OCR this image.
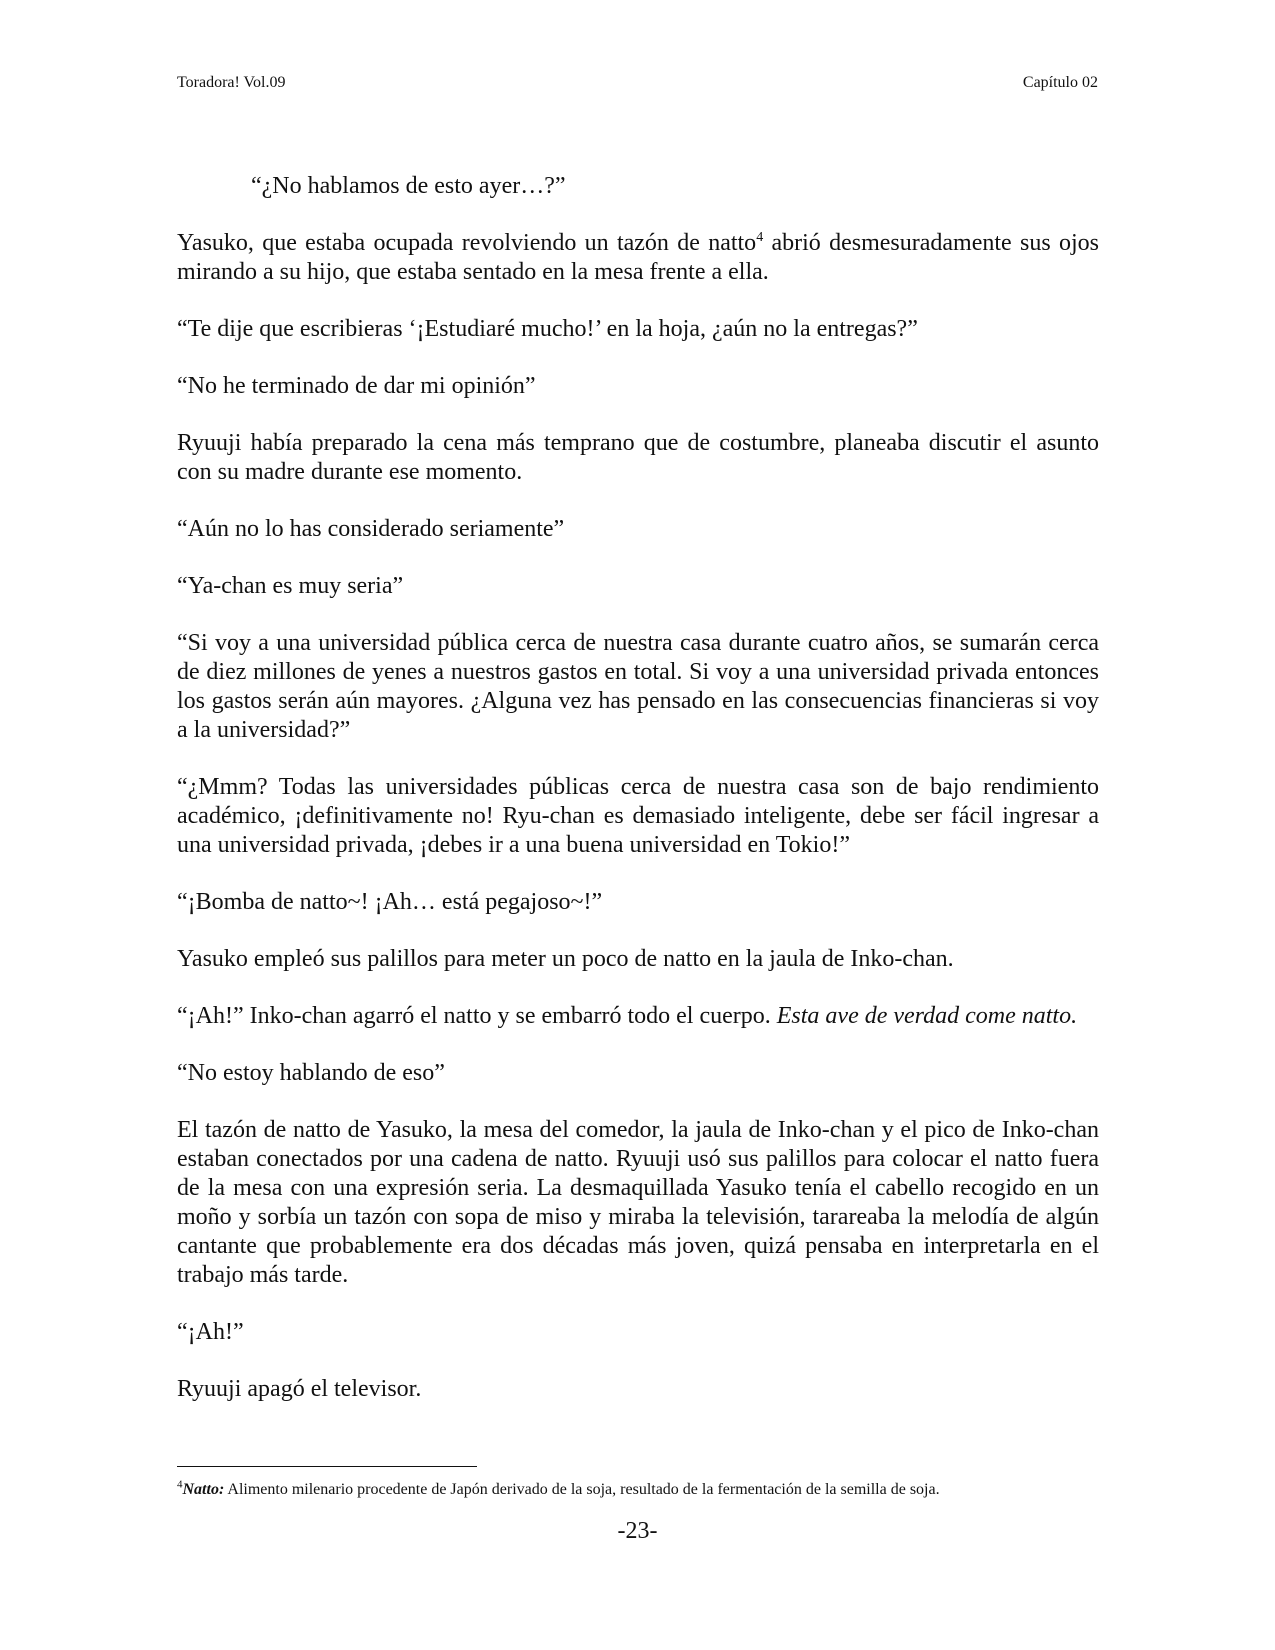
Toradora! Vol.09	Capítulo 02

“¿No hablamos de esto ayer…?”

Yasuko, que estaba ocupada revolviendo un tazón de natto$^4$ abrió desmesuradamente sus ojos mirando a su hijo, que estaba sentado en la mesa frente a ella.

“Te dije que escribieras ‘¡Estudiaré mucho!’ en la hoja, ¿aún no la entregas?”

“No he terminado de dar mi opinión”

Ryuuji había preparado la cena más temprano que de costumbre, planeaba discutir el asunto con su madre durante ese momento.

“Aún no lo has considerado seriamente”

“Ya-chan es muy seria”

“Si voy a una universidad pública cerca de nuestra casa durante cuatro años, se sumarán cerca de diez millones de yenes a nuestros gastos en total. Si voy a una universidad privada entonces los gastos serán aún mayores. ¿Alguna vez has pensado en las consecuencias financieras si voy a la universidad?”

“¿Mmm? Todas las universidades públicas cerca de nuestra casa son de bajo rendimiento académico, ¡definitivamente no! Ryu-chan es demasiado inteligente, debe ser fácil ingresar a una universidad privada, ¡debes ir a una buena universidad en Tokio!”

“¡Bomba de natto~! ¡Ah… está pegajoso~!”

Yasuko empleó sus palillos para meter un poco de natto en la jaula de Inko-chan.

“¡Ah!” Inko-chan agarró el natto y se embarró todo el cuerpo. Esta ave de verdad come natto.

“No estoy hablando de eso”

El tazón de natto de Yasuko, la mesa del comedor, la jaula de Inko-chan y el pico de Inko-chan estaban conectados por una cadena de natto. Ryuuji usó sus palillos para colocar el natto fuera de la mesa con una expresión seria. La desmaquillada Yasuko tenía el cabello recogido en un moño y sorbía un tazón con sopa de miso y miraba la televisión, tarareaba la melodía de algún cantante que probablemente era dos décadas más joven, quizá pensaba en interpretarla en el trabajo más tarde.

“¡Ah!”

Ryuuji apagó el televisor.

$^4$Natto: Alimento milenario procedente de Japón derivado de la soja, resultado de la fermentación de la semilla de soja.
-23-
